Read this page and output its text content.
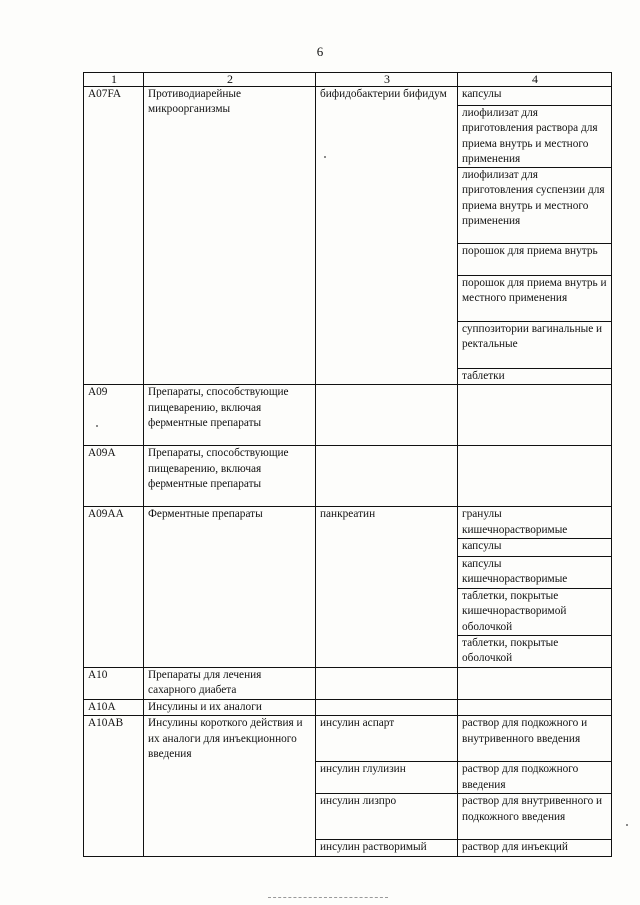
6
1	2	3	4
A07FA	Противодиарейные микроорганизмы	бифидобактерии бифидум	капсулы
			лиофилизат для приготовления раствора для приема внутрь и местного применения
			лиофилизат для приготовления суспензии для приема внутрь и местного применения
			порошок для приема внутрь
			порошок для приема внутрь и местного применения
			суппозитории вагинальные и ректальные
			таблетки
A09	Препараты, способствующие пищеварению, включая ферментные препараты		
A09A	Препараты, способствующие пищеварению, включая ферментные препараты		
A09AA	Ферментные препараты	панкреатин	гранулы кишечнорастворимые
			капсулы
			капсулы кишечнорастворимые
			таблетки, покрытые кишечнорастворимой оболочкой
			таблетки, покрытые оболочкой
A10	Препараты для лечения сахарного диабета		
A10A	Инсулины и их аналоги		
A10AB	Инсулины короткого действия и их аналоги для инъекционного введения	инсулин аспарт	раствор для подкожного и внутривенного введения
		инсулин глулизин	раствор для подкожного введения
		инсулин лизпро	раствор для внутривенного и подкожного введения
		инсулин растворимый	раствор для инъекций
